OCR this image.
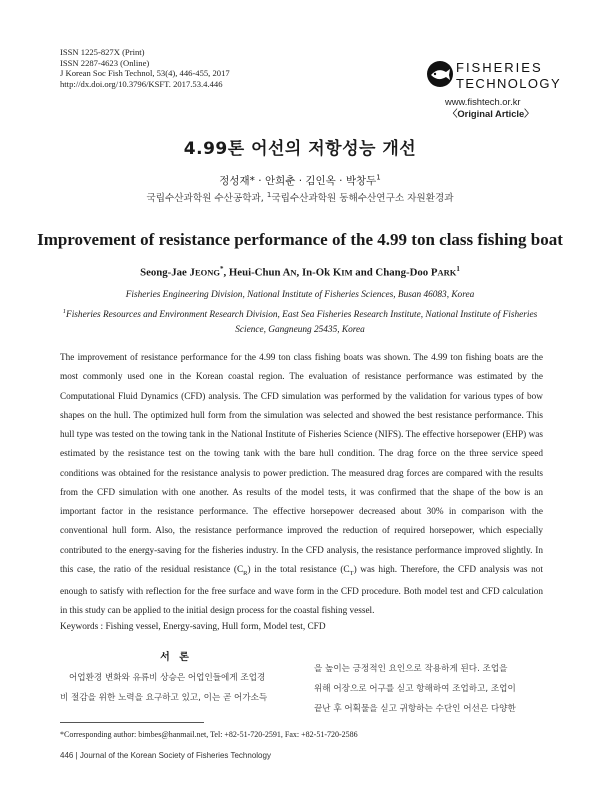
ISSN 1225-827X (Print)
ISSN 2287-4623 (Online)
J Korean Soc Fish Technol, 53(4), 446-455, 2017
http://dx.doi.org/10.3796/KSFT. 2017.53.4.446
FISHERIES
TECHNOLOGY
www.fishtech.or.kr
〈Original Article〉
4.99톤 어선의 저항성능 개선
정성재* · 안희춘 · 김인옥 · 박창두$^1$
국립수산과학원 수산공학과, $^1$국립수산과학원 동해수산연구소 자원환경과
Improvement of resistance performance of the 4.99 ton class fishing boat
Seong-Jae JEONG*, Heui-Chun AN, In-Ok KIM and Chang-Doo PARK$^1$
Fisheries Engineering Division, National Institute of Fisheries Sciences, Busan 46083, Korea
$^1$Fisheries Resources and Environment Research Division, East Sea Fisheries Research Institute, National Institute of Fisheries
Science, Gangneung 25435, Korea
The improvement of resistance performance for the 4.99 ton class fishing boats was shown. The 4.99 ton fishing boats are the most commonly used one in the Korean coastal region. The evaluation of resistance performance was estimated by the Computational Fluid Dynamics (CFD) analysis. The CFD simulation was performed by the validation for various types of bow shapes on the hull. The optimized hull form from the simulation was selected and showed the best resistance performance. This hull type was tested on the towing tank in the National Institute of Fisheries Science (NIFS). The effective horsepower (EHP) was estimated by the resistance test on the towing tank with the bare hull condition. The drag force on the three service speed conditions was obtained for the resistance analysis to power prediction. The measured drag forces are compared with the results from the CFD simulation with one another. As results of the model tests, it was confirmed that the shape of the bow is an important factor in the resistance performance. The effective horsepower decreased about 30% in comparison with the conventional hull form. Also, the resistance performance improved the reduction of required horsepower, which especially contributed to the energy-saving for the fisheries industry. In the CFD analysis, the resistance performance improved slightly. In this case, the ratio of the residual resistance $(C_R)$ in the total resistance $(C_T)$ was high. Therefore, the CFD analysis was not enough to satisfy with reflection for the free surface and wave form in the CFD procedure. Both model test and CFD calculation in this study can be applied to the initial design process for the coastal fishing vessel.
Keywords : Fishing vessel, Energy-saving, Hull form, Model test, CFD
서 론
어업환경 변화와 유류비 상승은 어업인들에게 조업경
비 절감을 위한 노력을 요구하고 있고, 이는 곧 어가소득
을 높이는 긍정적인 요인으로 작용하게 된다. 조업을
위해 어장으로 어구를 싣고 항해하여 조업하고, 조업이
끝난 후 어획물을 싣고 귀항하는 수단인 어선은 다양한
*Corresponding author: bimbes@hanmail.net, Tel: +82-51-720-2591, Fax: +82-51-720-2586
446 | Journal of the Korean Society of Fisheries Technology
